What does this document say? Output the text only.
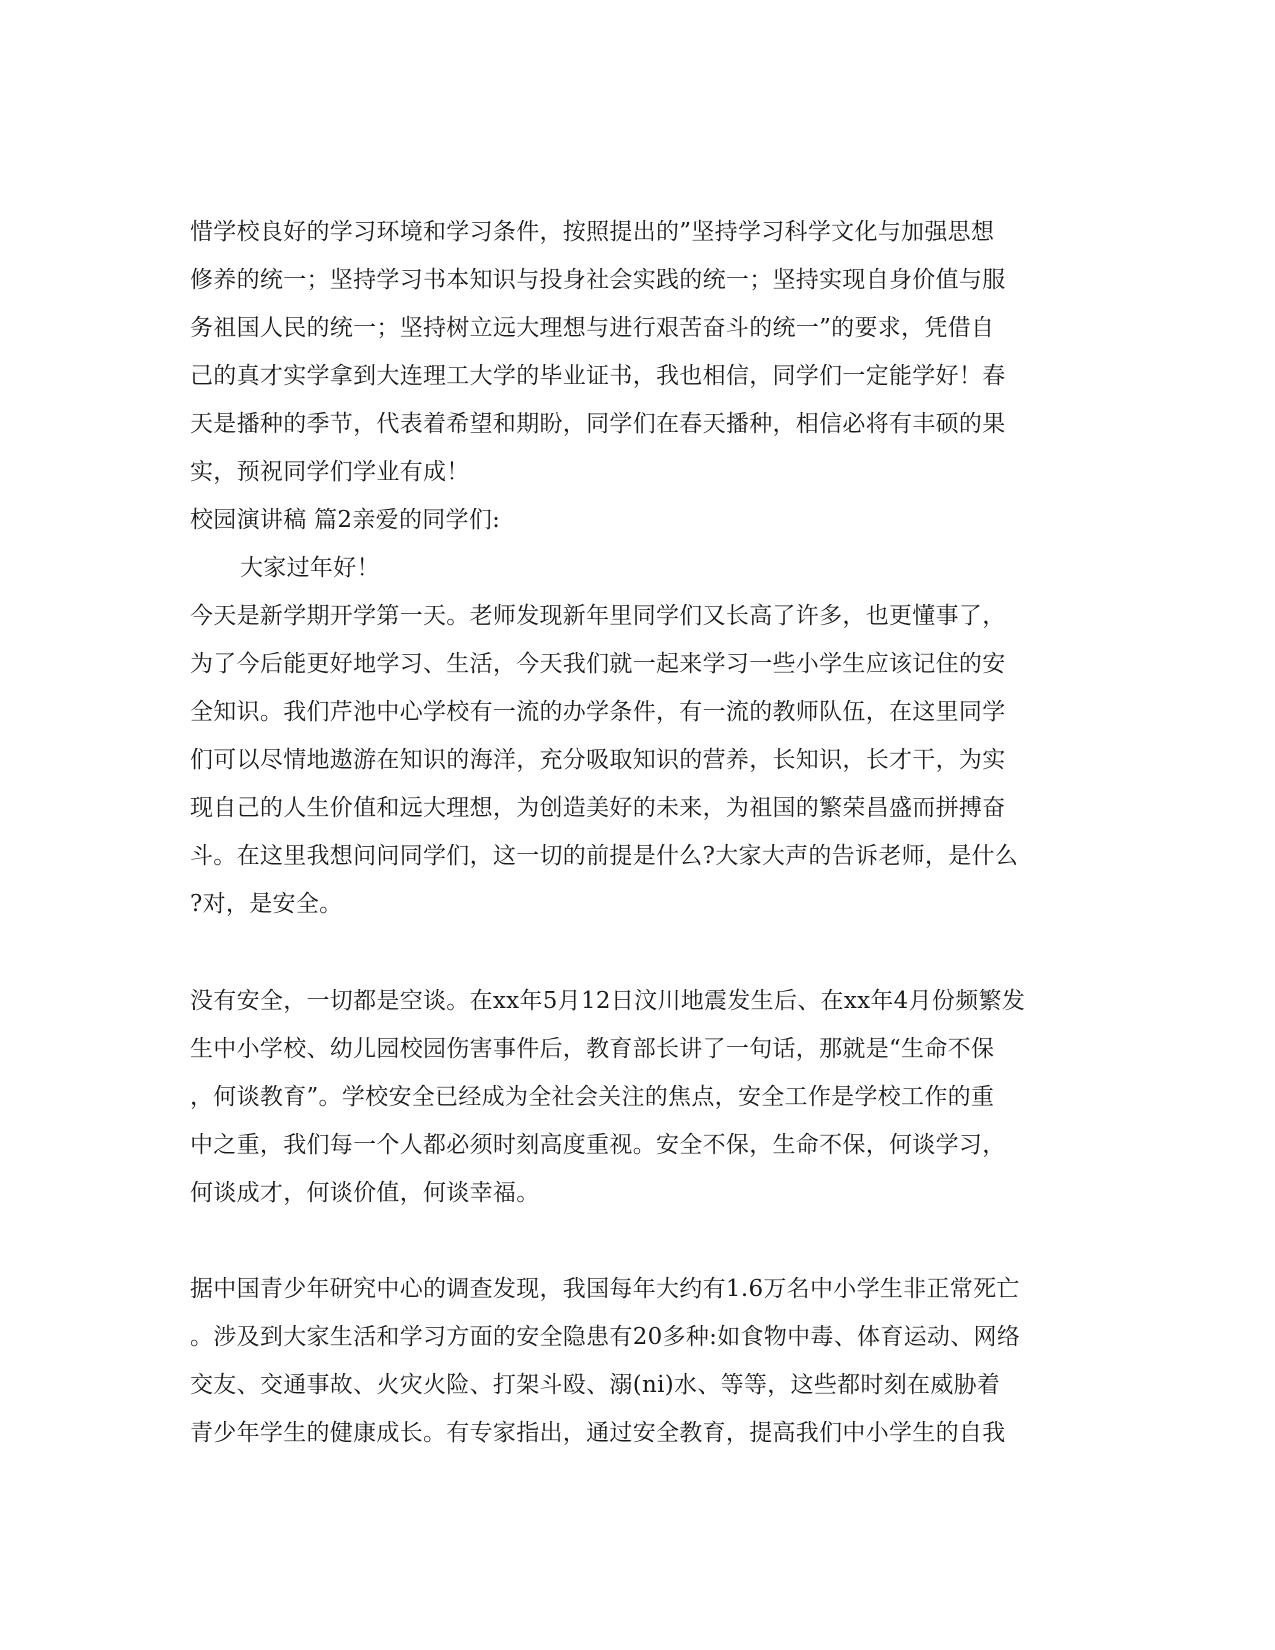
惜学校良好的学习环境和学习条件，按照提出的”坚持学习科学文化与加强思想
修养的统一；坚持学习书本知识与投身社会实践的统一；坚持实现自身价值与服
务祖国人民的统一；坚持树立远大理想与进行艰苦奋斗的统一”的要求，凭借自
己的真才实学拿到大连理工大学的毕业证书，我也相信，同学们一定能学好！春
天是播种的季节，代表着希望和期盼，同学们在春天播种，相信必将有丰硕的果
实，预祝同学们学业有成！
校园演讲稿 篇2亲爱的同学们:
大家过年好！
今天是新学期开学第一天。老师发现新年里同学们又长高了许多，也更懂事了，
为了今后能更好地学习、生活，今天我们就一起来学习一些小学生应该记住的安
全知识。我们芹池中心学校有一流的办学条件，有一流的教师队伍，在这里同学
们可以尽情地遨游在知识的海洋，充分吸取知识的营养，长知识，长才干，为实
现自己的人生价值和远大理想，为创造美好的未来，为祖国的繁荣昌盛而拼搏奋
斗。在这里我想问问同学们，这一切的前提是什么?大家大声的告诉老师，是什么
?对，是安全。
没有安全，一切都是空谈。在xx年5月12日汶川地震发生后、在xx年4月份频繁发
生中小学校、幼儿园校园伤害事件后，教育部长讲了一句话，那就是“生命不保
，何谈教育”。学校安全已经成为全社会关注的焦点，安全工作是学校工作的重
中之重，我们每一个人都必须时刻高度重视。安全不保，生命不保，何谈学习，
何谈成才，何谈价值，何谈幸福。
据中国青少年研究中心的调查发现，我国每年大约有1.6万名中小学生非正常死亡
。涉及到大家生活和学习方面的安全隐患有20多种:如食物中毒、体育运动、网络
交友、交通事故、火灾火险、打架斗殴、溺(ni)水、等等，这些都时刻在威胁着
青少年学生的健康成长。有专家指出，通过安全教育，提高我们中小学生的自我
